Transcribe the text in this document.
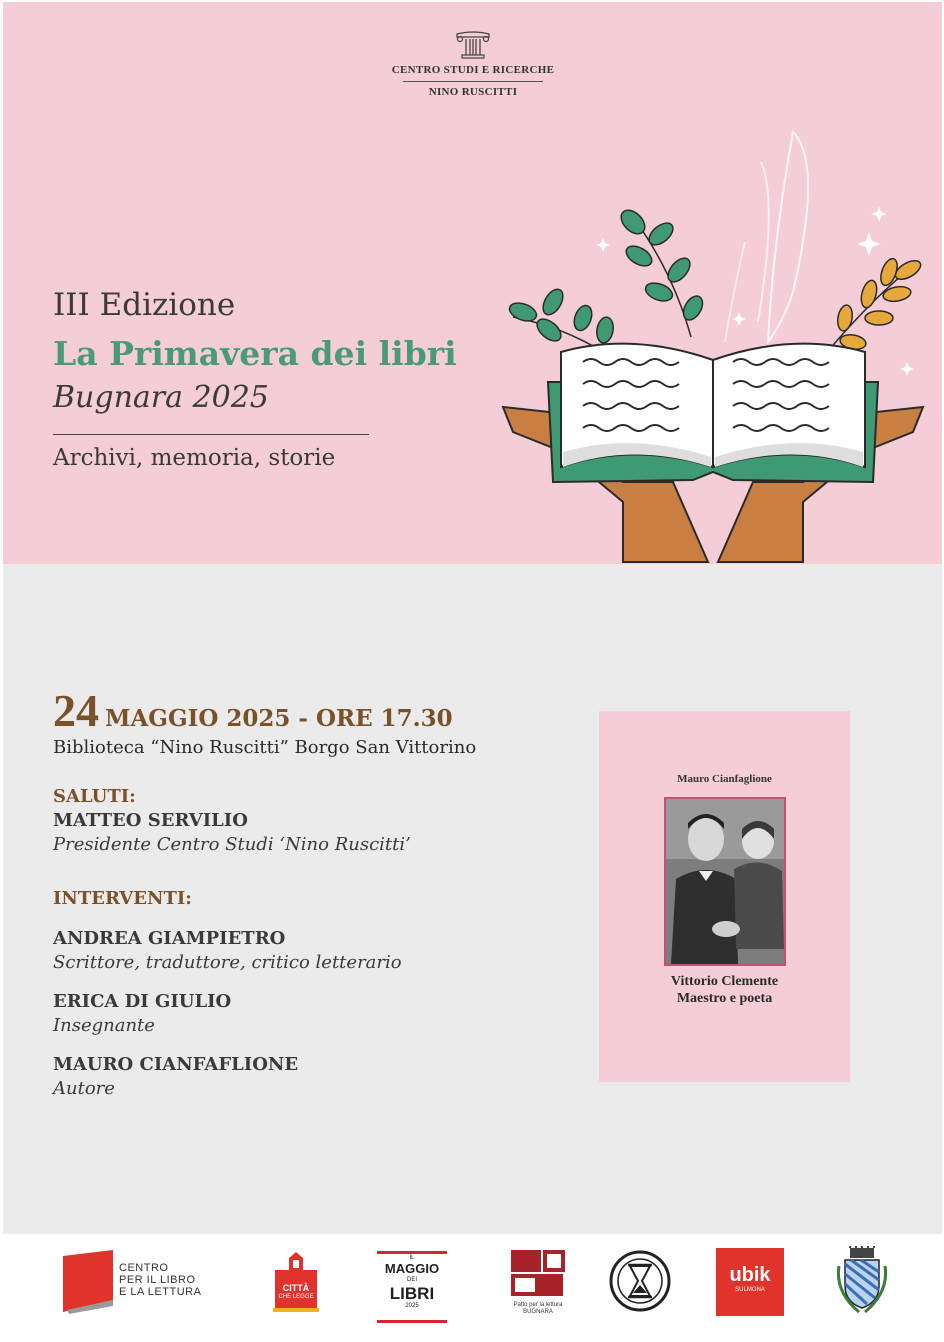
CENTRO STUDI E RICERCHE
NINO RUSCITTI
III Edizione
La Primavera dei libri
Bugnara 2025
Archivi, memoria, storie
24 MAGGIO 2025 - ORE 17.30
Biblioteca “Nino Ruscitti” Borgo San Vittorino
SALUTI:
MATTEO SERVILIO
Presidente Centro Studi ‘Nino Ruscitti’
INTERVENTI:
ANDREA GIAMPIETRO
Scrittore, traduttore, critico letterario
ERICA DI GIULIO
Insegnante
MAURO CIANFAFLIONE
Autore
Mauro Cianfaglione
Vittorio Clemente
Maestro e poeta
CENTRO
PER IL LIBRO
E LA LETTURA	CITTÀ
CHE LEGGE
IL
MAGGIO
DEI
LIBRI
2025	Patto per la lettura
BUGNARA
ubik
SULMONA
